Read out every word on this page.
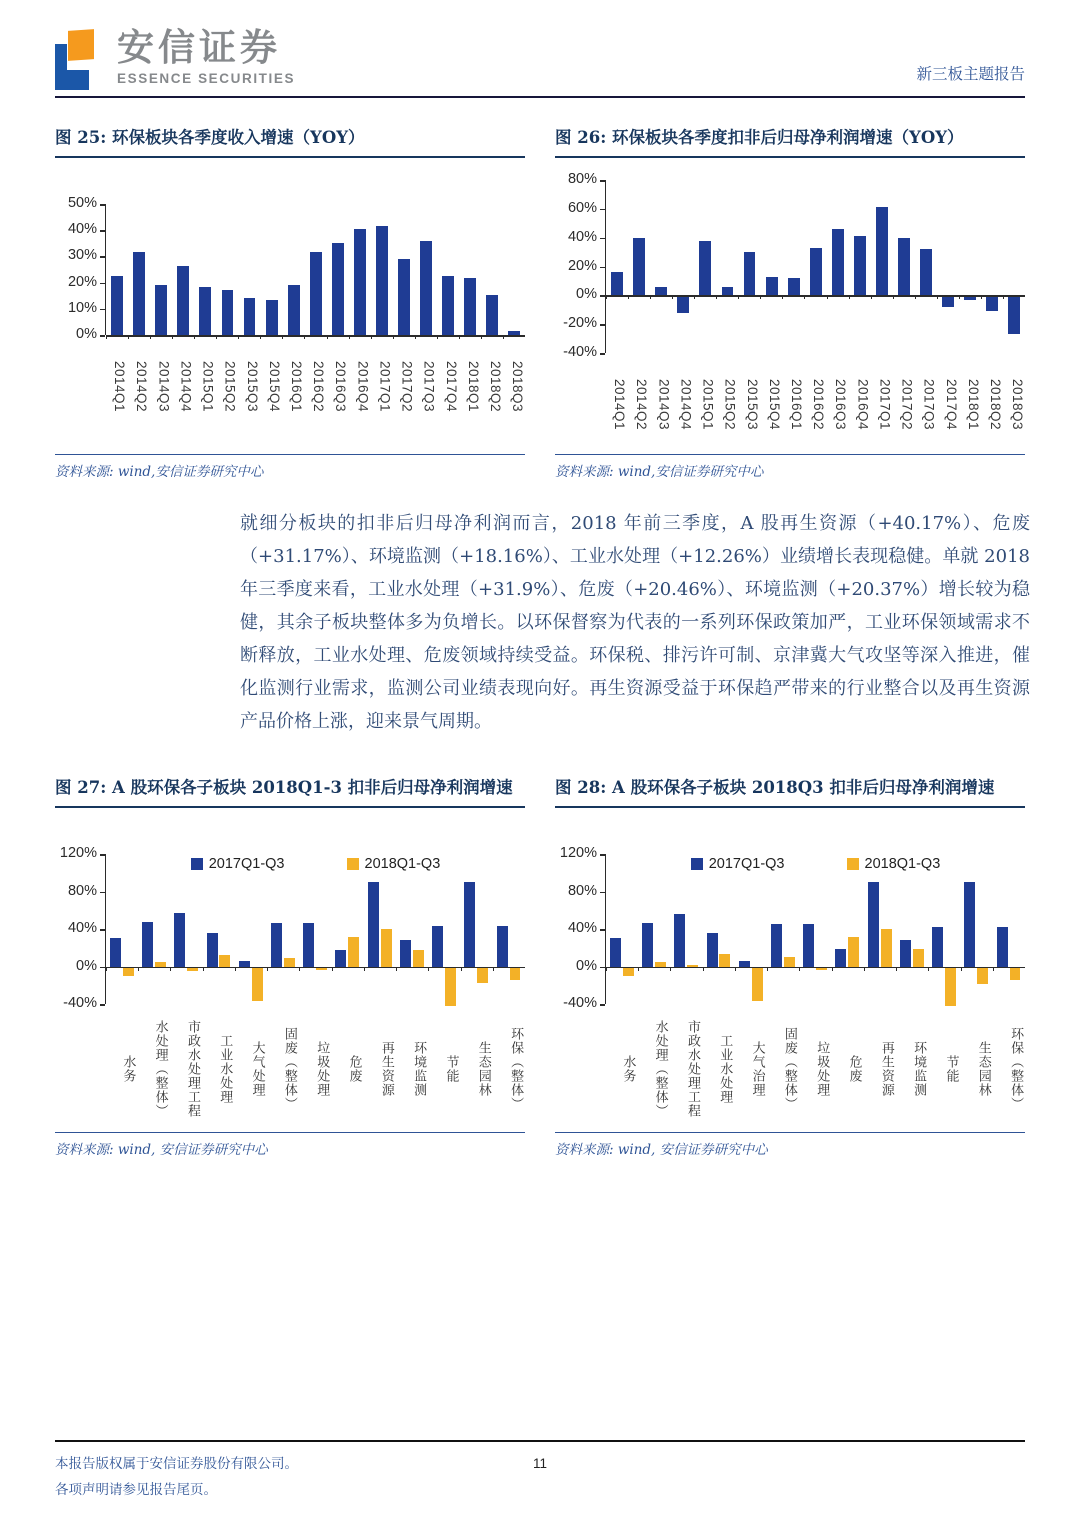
安信证券
ESSENCE SECURITIES	新三板主题报告
图 25: 环保板块各季度收入增速（YOY）
50%
40%
30%
20%
10%
0%
2014Q1 2014Q2 2014Q3 2014Q4 2015Q1 2015Q2 2015Q3 2015Q4 2016Q1 2016Q2 2016Q3 2016Q4 2017Q1 2017Q2 2017Q3 2017Q4 2018Q1 2018Q2 2018Q3
资料来源: wind,安信证券研究中心
图 26: 环保板块各季度扣非后归母净利润增速（YOY）
80%
60%
40%
20%
0%
-20%
-40%
2014Q1 2014Q2 2014Q3 2014Q4 2015Q1 2015Q2 2015Q3 2015Q4 2016Q1 2016Q2 2016Q3 2016Q4 2017Q1 2017Q2 2017Q3 2017Q4 2018Q1 2018Q2 2018Q3
资料来源: wind,安信证券研究中心

就细分板块的扣非后归母净利润而言，2018 年前三季度，A 股再生资源（+40.17%）、危废（+31.17%）、环境监测（+18.16%）、工业水处理（+12.26%）业绩增长表现稳健。单就 2018 年三季度来看，工业水处理（+31.9%）、危废（+20.46%）、环境监测（+20.37%）增长较为稳健，其余子板块整体多为负增长。以环保督察为代表的一系列环保政策加严，工业环保领域需求不断释放，工业水处理、危废领域持续受益。环保税、排污许可制、京津冀大气攻坚等深入推进，催化监测行业需求，监测公司业绩表现向好。再生资源受益于环保趋严带来的行业整合以及再生资源产品价格上涨，迎来景气周期。

图 27: A 股环保各子板块 2018Q1-3 扣非后归母净利润增速
120%
80%
40%
0%
-40%
2017Q1-Q3	2018Q1-Q3
水务	水处理（整体）	市政水处理工程	工业水处理	大气处理	固废（整体）	垃圾处理	危废	再生资源	环境监测	节能	生态园林	环保（整体）
资料来源: wind, 安信证券研究中心
图 28: A 股环保各子板块 2018Q3 扣非后归母净利润增速
120%
80%
40%
0%
-40%
2017Q1-Q3	2018Q1-Q3
水务	水处理（整体）	市政水处理工程	工业水处理	大气治理	固废（整体）	垃圾处理	危废	再生资源	环境监测	节能	生态园林	环保（整体）
资料来源: wind, 安信证券研究中心
本报告版权属于安信证券股份有限公司。
各项声明请参见报告尾页。
11
